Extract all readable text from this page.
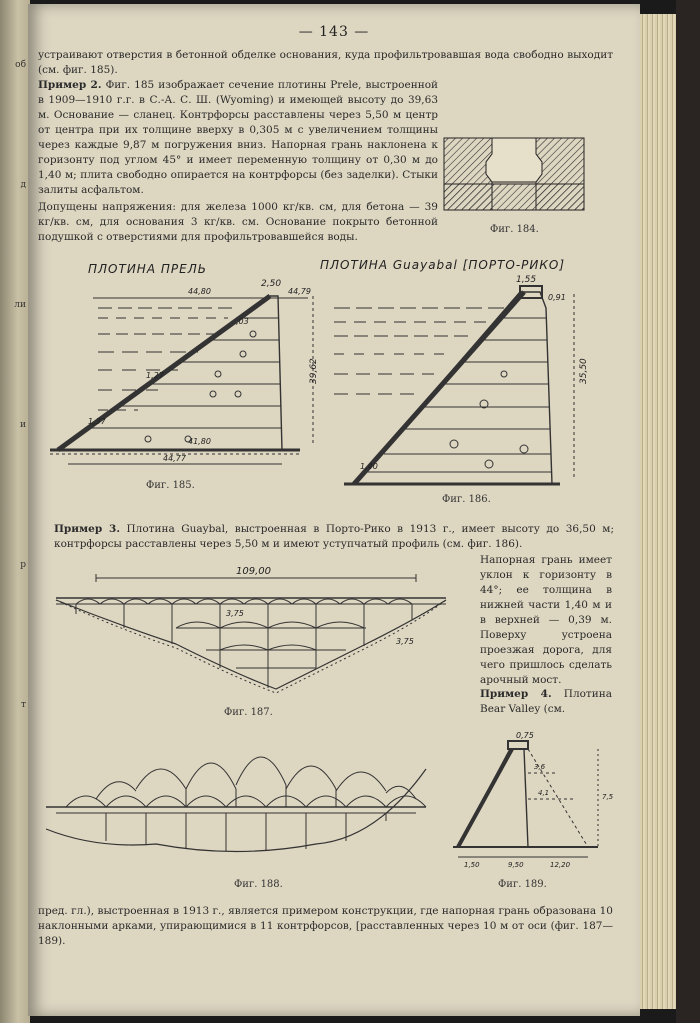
об
д
ли
и
р
т
— 143 —
устраивают отверстия в бетонной обделке основания, куда профильтровавшая вода свободно выходит (см. фиг. 185).
Пример 2. Фиг. 185 изображает сечение плотины Prele, выстроенной в 1909—1910 г.г. в С.-А. С. Ш. (Wyoming) и имеющей высоту до 39,63 м. Основание — сланец. Контрфорсы расставлены через 5,50 м центр от центра при их толщине вверху в 0,305 м с увеличением толщины через каждые 9,87 м погружения вниз. Напорная грань наклонена к горизонту под углом 45° и имеет переменную толщину от 0,30 м до 1,40 м; плита свободно опирается на контрфорсы (без заделки). Стыки залиты асфальтом.
Допущены напряжения: для железа 1000 кг/кв. см, для бетона — 39 кг/кв. см, для основания 3 кг/кв. см. Основание покрыто бетонной подушкой с отверстиями для профильтровавшейся воды.
Фиг. 184.
ПЛОТИНА ПРЕЛЬ
2,50
44,80	44,79
39,62
,03
1,27
1,37
41,80
44,77
Фиг. 185.
ПЛОТИНА Guayabal [ПОРТО-РИКО]
1,55
0,91
35,50
1,40
Фиг. 186.
Пример 3. Плотина Guaybal, выстроенная в Порто-Рико в 1913 г., имеет высоту до 36,50 м; контрфорсы расставлены через 5,50 м и имеют уступчатый профиль (см. фиг. 186).
Напорная грань имеет уклон к горизонту в 44°; ее толщина в нижней части 1,40 м и в верхней — 0,39 м. Поверху устроена проезжая дорога, для чего пришлось сделать арочный мост.
Пример 4. Плотина Bear Valley (см.
109,00
3,75
3,75
Фиг. 187.
Фиг. 188.
0,75
3,6
4,1	7,5
1,50	9,50	12,20
Фиг. 189.
пред. гл.), выстроенная в 1913 г., является примером конструкции, где напорная грань образована 10 наклонными арками, упирающимися в 11 контрфорсов, [расставленных через 10 м от оси (фиг. 187—189).
